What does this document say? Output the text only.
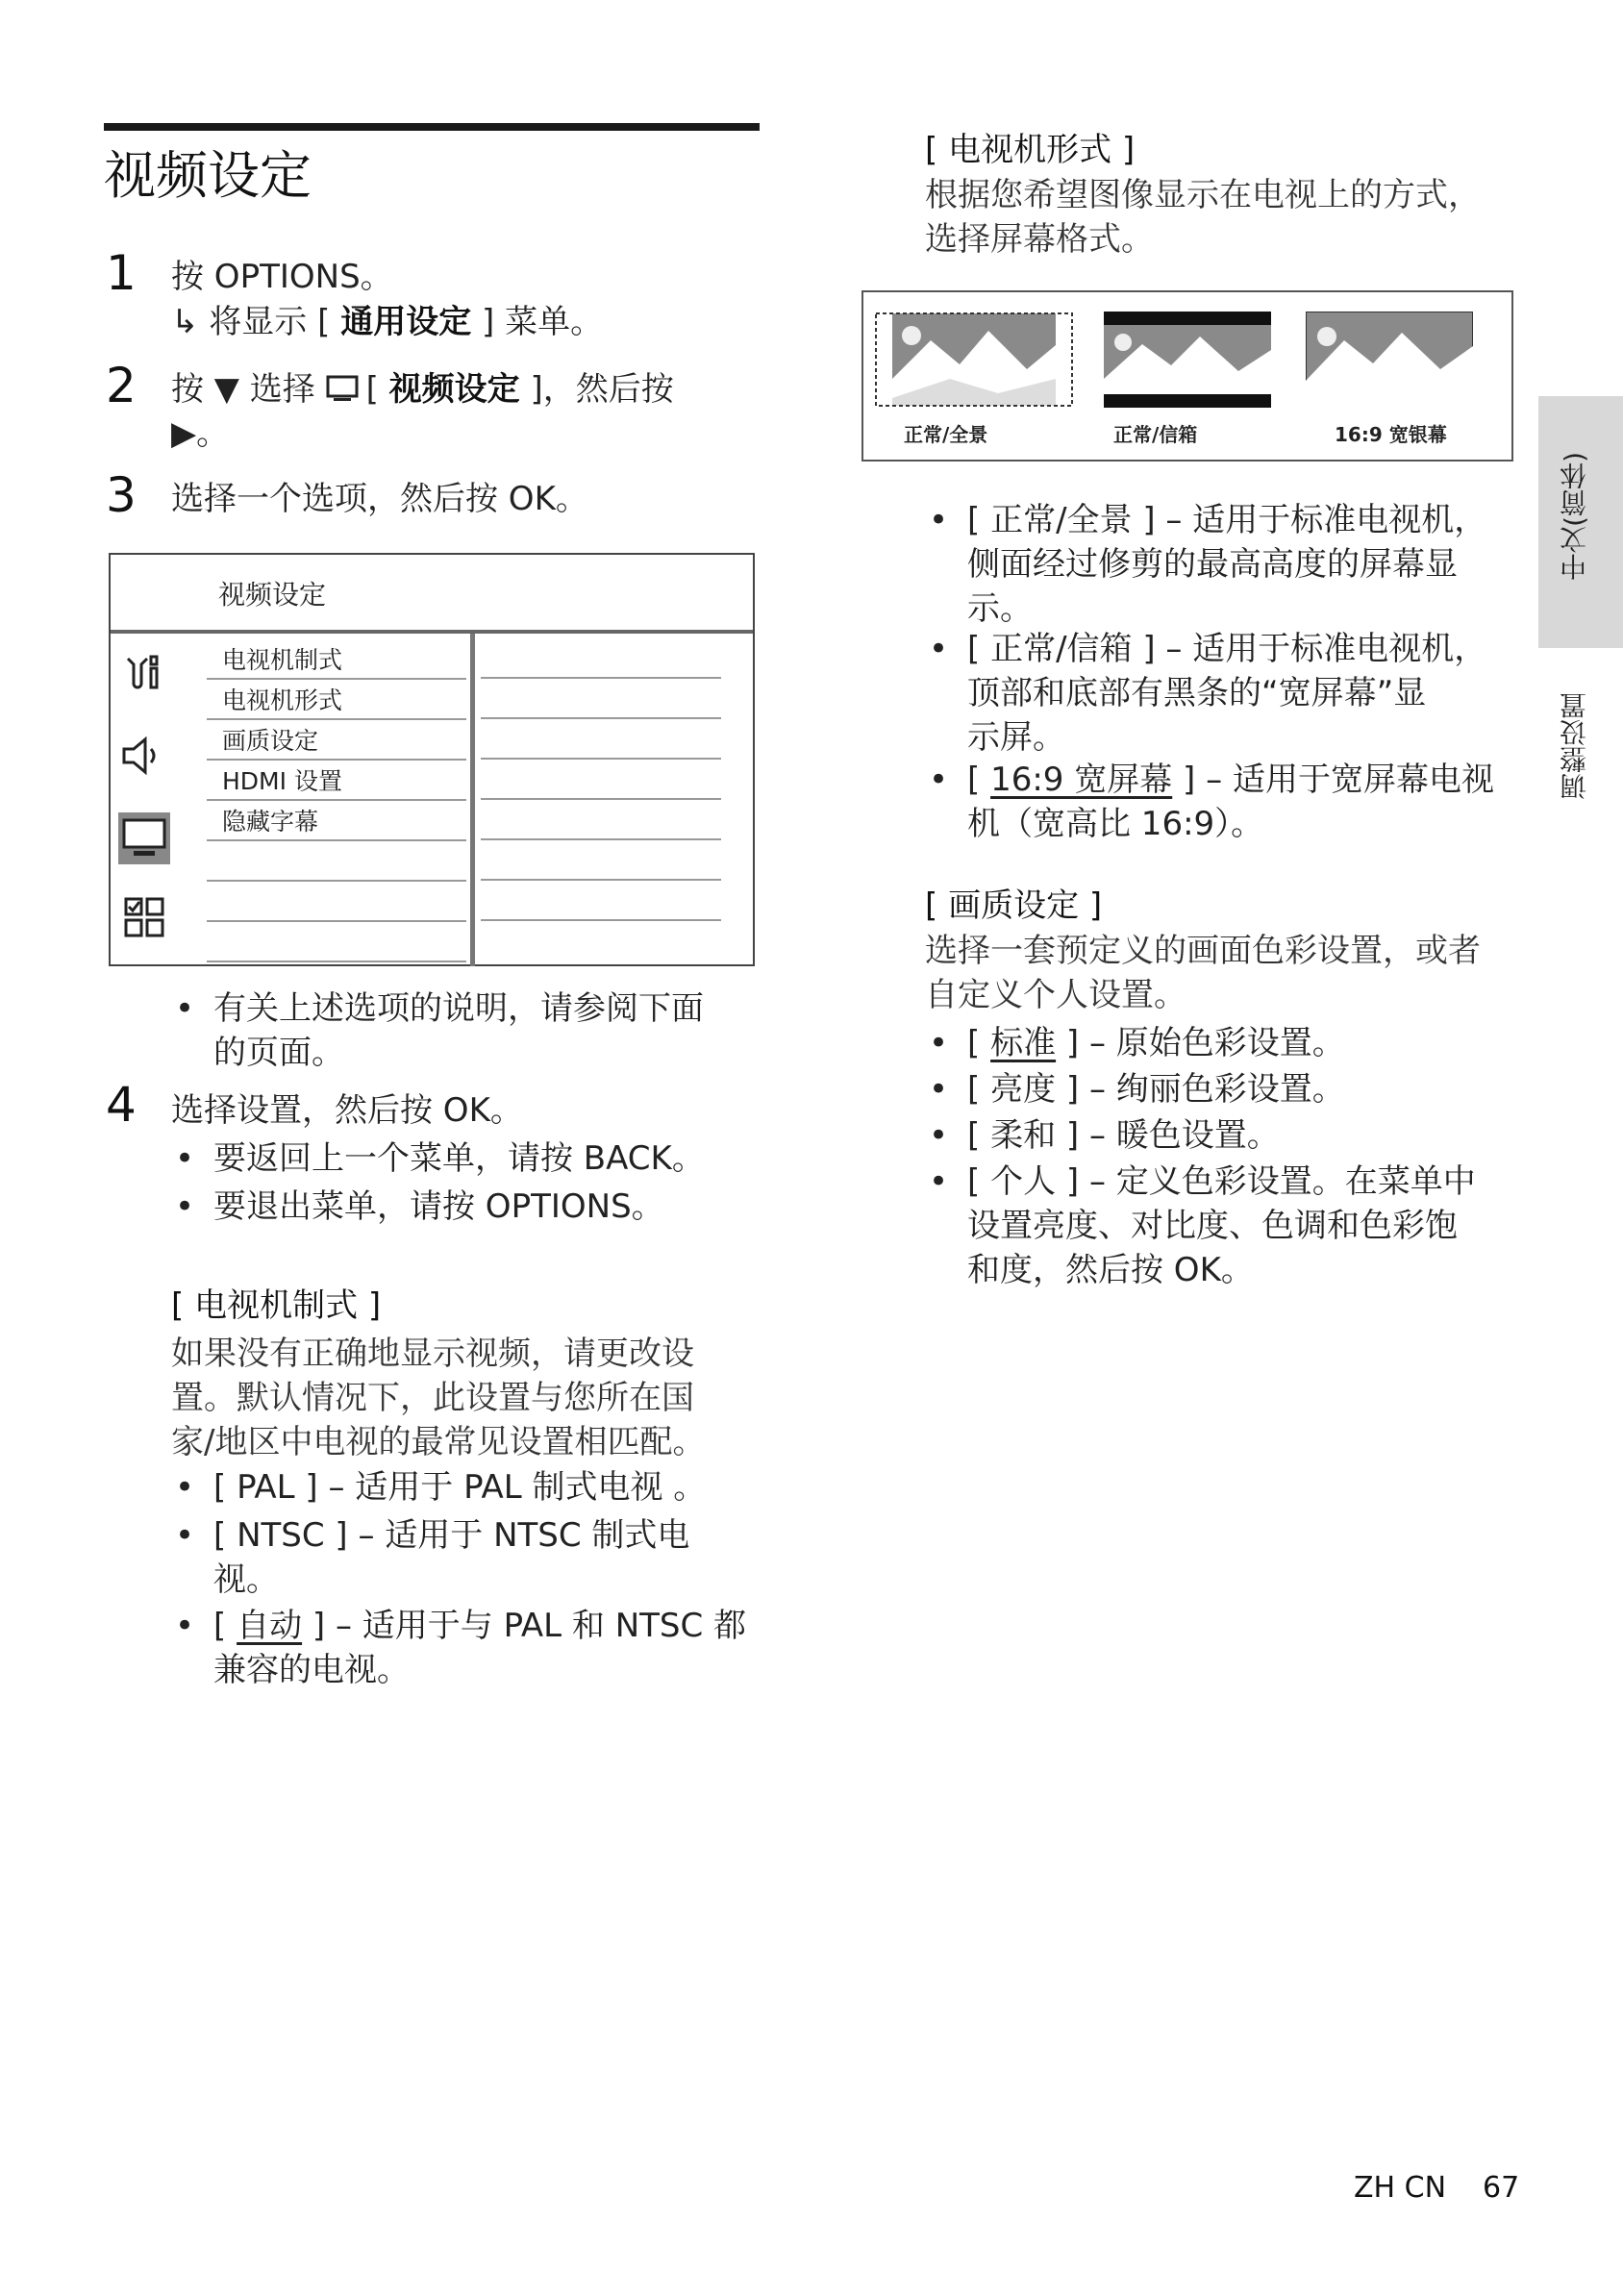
视频设定
1 按 OPTIONS。
↳ 将显示 [ 通用设定 ] 菜单。
2 按 ▼ 选择 [ 视频设定 ]，然后按
▶。
3 选择一个选项，然后按 OK。
视频设定
电视机制式
电视机形式
画质设定
HDMI 设置
隐藏字幕
• 有关上述选项的说明，请参阅下面
的页面。
4 选择设置，然后按 OK。
• 要返回上一个菜单，请按 BACK。
• 要退出菜单，请按 OPTIONS。
[ 电视机制式 ]
如果没有正确地显示视频，请更改设
置。默认情况下，此设置与您所在国
家/地区中电视的最常见设置相匹配。
• [ PAL ] – 适用于 PAL 制式电视 。
• [ NTSC ] – 适用于 NTSC 制式电
视。
• [ 自动 ] – 适用于与 PAL 和 NTSC 都
兼容的电视。
[ 电视机形式 ]
根据您希望图像显示在电视上的方式，
选择屏幕格式。
正常/全景	正常/信箱	16:9 宽银幕
• [ 正常/全景 ] – 适用于标准电视机，
侧面经过修剪的最高高度的屏幕显
示。
• [ 正常/信箱 ] – 适用于标准电视机，
顶部和底部有黑条的“宽屏幕”显
示屏。
• [ 16:9 宽屏幕 ] – 适用于宽屏幕电视
机（宽高比 16:9）。
[ 画质设定 ]
选择一套预定义的画面色彩设置，或者
自定义个人设置。
• [ 标准 ] – 原始色彩设置。
• [ 亮度 ] – 绚丽色彩设置。
• [ 柔和 ] – 暖色设置。
• [ 个人 ] – 定义色彩设置。在菜单中
设置亮度、对比度、色调和色彩饱
和度，然后按 OK。
中文(简体)
调整设置
ZH CN 67
